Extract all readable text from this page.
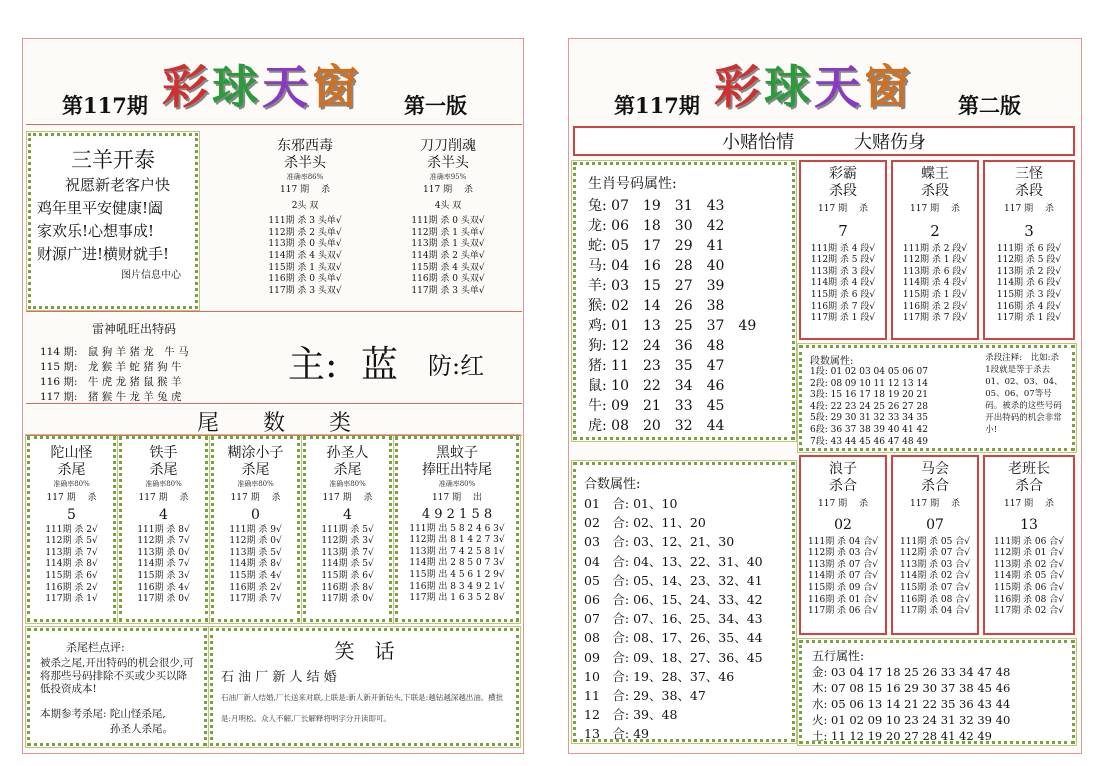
第117期 彩球天窗 第一版
三羊开泰
祝愿新老客户快
鸡年里平安健康!阖
家欢乐!心想事成!
财源广进!横财就手!
图片信息中心
东邪西毒
杀半头
准确率86%
117 期　 杀
2头 双
111期 杀 3 头单√
112期 杀 2 头单√
113期 杀 0 头单√
114期 杀 4 头双√
115期 杀 1 头双√
116期 杀 0 头单√
117期 杀 3 头双√
刀刀削魂
杀半头
准确率95%
117 期　 杀
4头 双
111期 杀 0 头双√
112期 杀 1 头单√
113期 杀 1 头双√
114期 杀 2 头单√
115期 杀 4 头双√
116期 杀 0 头双√
117期 杀 3 头单√
雷神吼旺出特码
114 期:　鼠 狗 羊 猪 龙　牛 马
115 期:　龙 猴 羊 蛇 猪 狗 牛
116 期:　牛 虎 龙 猪 鼠 猴 羊
117 期:　猪 猴 牛 龙 羊 兔 虎
主:  蓝 防:红
尾　　数　　类
陀山怪
杀尾
准确率80%
117 期　 杀
5
111期 杀 2√
112期 杀 5√
113期 杀 7√
114期 杀 8√
115期 杀 6√
116期 杀 2√
117期 杀 1√
铁手
杀尾
准确率80%
117 期　 杀
4
111期 杀 8√
112期 杀 7√
113期 杀 0√
114期 杀 7√
115期 杀 3√
116期 杀 4√
117期 杀 0√
糊涂小子
杀尾
准确率80%
117 期　 杀
0
111期 杀 9√
112期 杀 0√
113期 杀 5√
114期 杀 8√
115期 杀 4√
116期 杀 2√
117期 杀 7√
孙圣人
杀尾
准确率80%
117 期　 杀
4
111期 杀 5√
112期 杀 3√
113期 杀 7√
114期 杀 5√
115期 杀 6√
116期 杀 8√
117期 杀 0√
黑蚊子
捧旺出特尾
准确率80%
117 期　 出
4 9 2 1 5 8
111期 出 5 8 2 4 6 3√
112期 出 8 1 4 2 7 3√
113期 出 7 4 2 5 8 1√
114期 出 2 8 5 0 7 3√
115期 出 4 5 6 1 2 9√
116期 出 8 3 4 9 2 1√
117期 出 1 6 3 5 2 8√
杀尾栏点评:
被杀之尾,开出特码的机会很少,可将那些号码排除不买或少买以降低投资成本!
本期参考杀尾: 陀山怪杀尾,
孙圣人杀尾。
笑　话
石 油 厂 新 人 结 婚
石油厂新人结婚,厂长送来对联,上联是:新人新开新钻头,下联是:越钻越深越出油。横批是:月明松。众人不解,厂长解释将明字分开读即可。
第117期 彩球天窗 第二版
小赌怡情	大赌伤身
生肖号码属性:
兔: 07　19　31　43
龙: 06　18　30　42
蛇: 05　17　29　41
马: 04　16　28　40
羊: 03　15　27　39
猴: 02　14　26　38
鸡: 01　13　25　37　49
狗: 12　24　36　48
猪: 11　23　35　47
鼠: 10　22　34　46
牛: 09　21　33　45
虎: 08　20　32　44
彩霸
杀段
117 期　 杀
7
111期 杀 4 段√
112期 杀 5 段√
113期 杀 3 段√
114期 杀 4 段√
115期 杀 6 段√
116期 杀 7 段√
117期 杀 1 段√
蝶王
杀段
117 期　 杀
2
111期 杀 2 段√
112期 杀 1 段√
113期 杀 6 段√
114期 杀 4 段√
115期 杀 1 段√
116期 杀 2 段√
117期 杀 7 段√
三怪
杀段
117 期　 杀
3
111期 杀 6 段√
112期 杀 5 段√
113期 杀 2 段√
114期 杀 6 段√
115期 杀 3 段√
116期 杀 4 段√
117期 杀 1 段√
段数属性:
1段: 01 02 03 04 05 06 07
2段: 08 09 10 11 12 13 14
3段: 15 16 17 18 19 20 21
4段: 22 23 24 25 26 27 28
5段: 29 30 31 32 33 34 35
6段: 36 37 38 39 40 41 42
7段: 43 44 45 46 47 48 49
杀段注释:　比如:杀1段就是等于杀去01、02、03、04、05、06、07等号码。被杀的这些号码开出特码的机会非常小!
合数属性:
01　合: 01、10
02　合: 02、11、20
03　合: 03、12、21、30
04　合: 04、13、22、31、40
05　合: 05、14、23、32、41
06　合: 06、15、24、33、42
07　合: 07、16、25、34、43
08　合: 08、17、26、35、44
09　合: 09、18、27、36、45
10　合: 19、28、37、46
11　合: 29、38、47
12　合: 39、48
13　合: 49
浪子
杀合
117 期　 杀
02
111期 杀 04 合√
112期 杀 03 合√
113期 杀 07 合√
114期 杀 07 合√
115期 杀 09 合√
116期 杀 01 合√
117期 杀 06 合√
马会
杀合
117 期　 杀
07
111期 杀 05 合√
112期 杀 07 合√
113期 杀 03 合√
114期 杀 02 合√
115期 杀 07 合√
116期 杀 08 合√
117期 杀 04 合√
老班长
杀合
117 期　 杀
13
111期 杀 06 合√
112期 杀 01 合√
113期 杀 02 合√
114期 杀 05 合√
115期 杀 06 合√
116期 杀 08 合√
117期 杀 02 合√
五行属性:
金: 03 04 17 18 25 26 33 34 47 48
木: 07 08 15 16 29 30 37 38 45 46
水: 05 06 13 14 21 22 35 36 43 44
火: 01 02 09 10 23 24 31 32 39 40
土: 11 12 19 20 27 28 41 42 49
